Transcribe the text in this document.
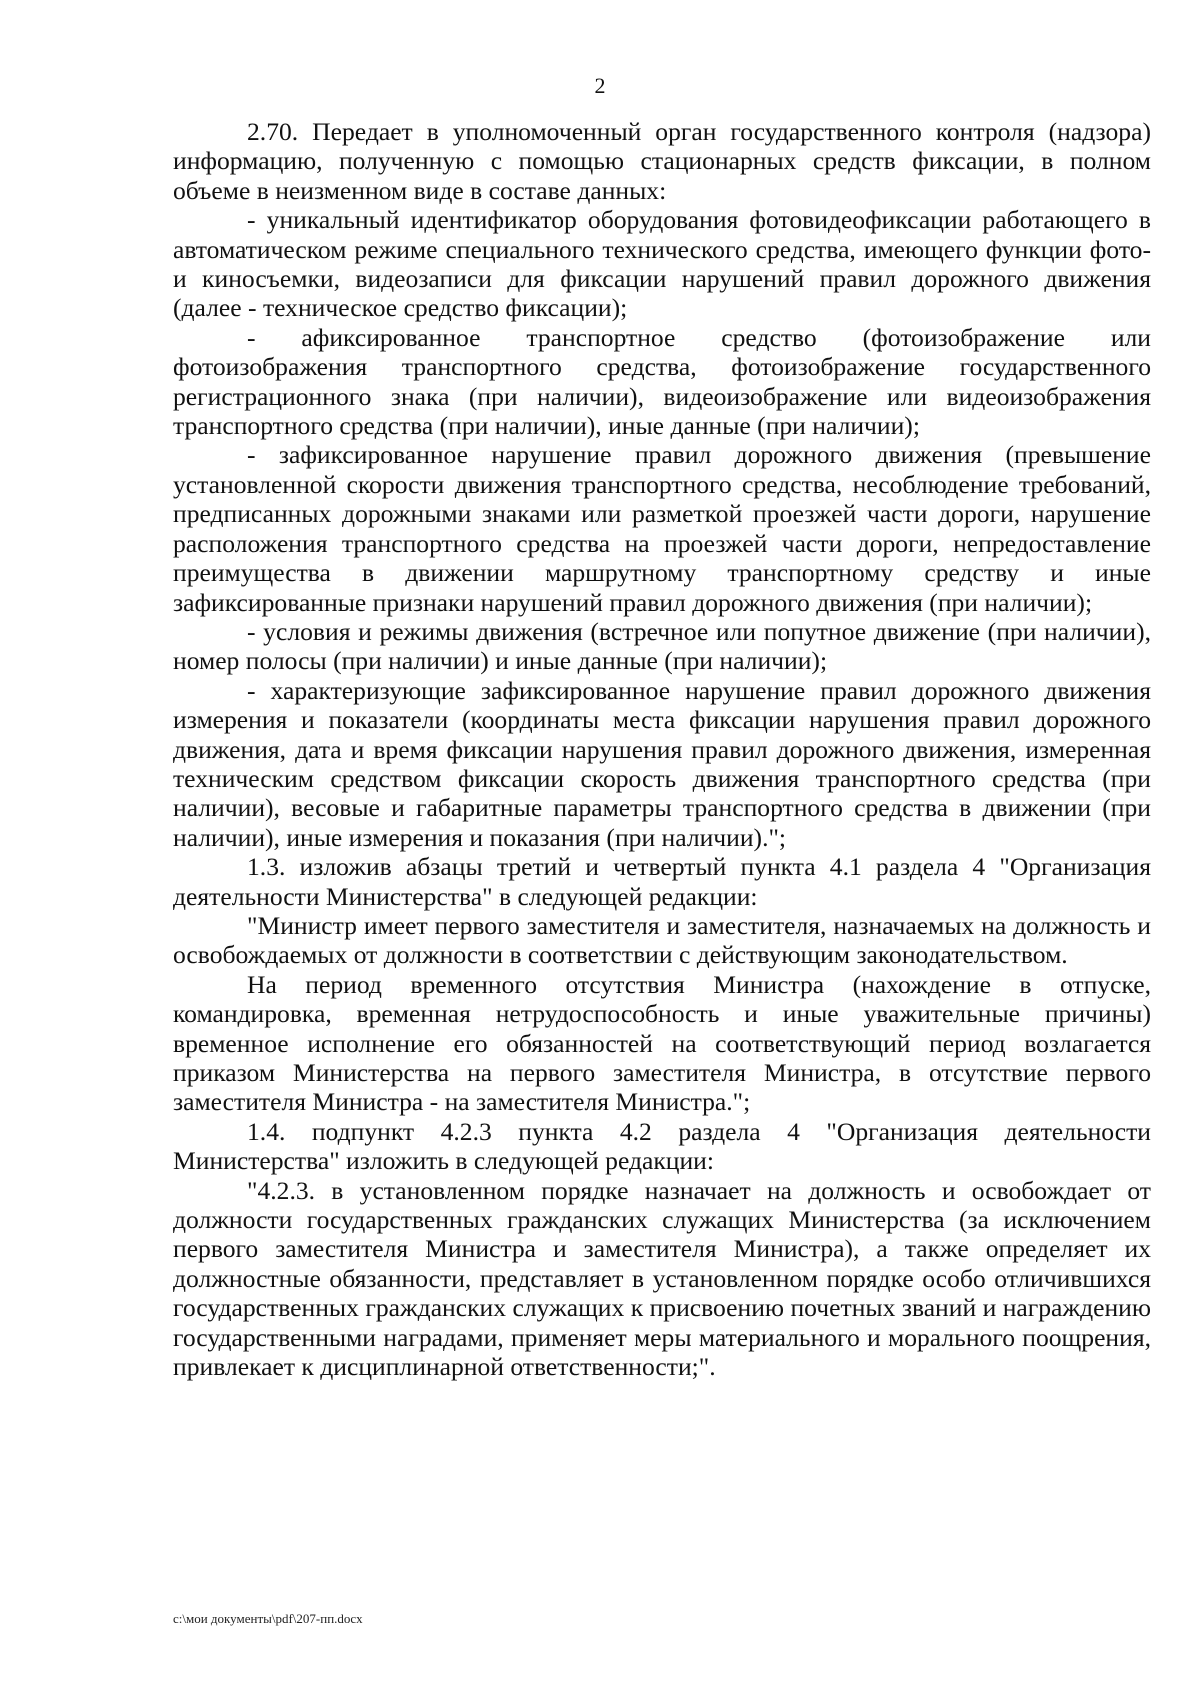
2

2.70. Передает в уполномоченный орган государственного контроля (надзора) информацию, полученную с помощью стационарных средств фиксации, в полном объеме в неизменном виде в составе данных:

- уникальный идентификатор оборудования фотовидеофиксации работающего в автоматическом режиме специального технического средства, имеющего функции фото- и киносъемки, видеозаписи для фиксации нарушений правил дорожного движения (далее - техническое средство фиксации);

- афиксированное транспортное средство (фотоизображение или фотоизображения транспортного средства, фотоизображение государственного регистрационного знака (при наличии), видеоизображение или видеоизображения транспортного средства (при наличии), иные данные (при наличии);

- зафиксированное нарушение правил дорожного движения (превышение установленной скорости движения транспортного средства, несоблюдение требований, предписанных дорожными знаками или разметкой проезжей части дороги, нарушение расположения транспортного средства на проезжей части дороги, непредоставление преимущества в движении маршрутному транспортному средству и иные зафиксированные признаки нарушений правил дорожного движения (при наличии);

- условия и режимы движения (встречное или попутное движение (при наличии), номер полосы (при наличии) и иные данные (при наличии);

- характеризующие зафиксированное нарушение правил дорожного движения измерения и показатели (координаты места фиксации нарушения правил дорожного движения, дата и время фиксации нарушения правил дорожного движения, измеренная техническим средством фиксации скорость движения транспортного средства (при наличии), весовые и габаритные параметры транспортного средства в движении (при наличии), иные измерения и показания (при наличии).";

1.3. изложив абзацы третий и четвертый пункта 4.1 раздела 4 "Организация деятельности Министерства" в следующей редакции:

"Министр имеет первого заместителя и заместителя, назначаемых на должность и освобождаемых от должности в соответствии с действующим законодательством.

На период временного отсутствия Министра (нахождение в отпуске, командировка, временная нетрудоспособность и иные уважительные причины) временное исполнение его обязанностей на соответствующий период возлагается приказом Министерства на первого заместителя Министра, в отсутствие первого заместителя Министра - на заместителя Министра.";

1.4. подпункт 4.2.3 пункта 4.2 раздела 4 "Организация деятельности Министерства" изложить в следующей редакции:

"4.2.3. в установленном порядке назначает на должность и освобождает от должности государственных гражданских служащих Министерства (за исключением первого заместителя Министра и заместителя Министра), а также определяет их должностные обязанности, представляет в установленном порядке особо отличившихся государственных гражданских служащих к присвоению почетных званий и награждению государственными наградами, применяет меры материального и морального поощрения, привлекает к дисциплинарной ответственности;".

c:\мои документы\pdf\207-пп.docx
